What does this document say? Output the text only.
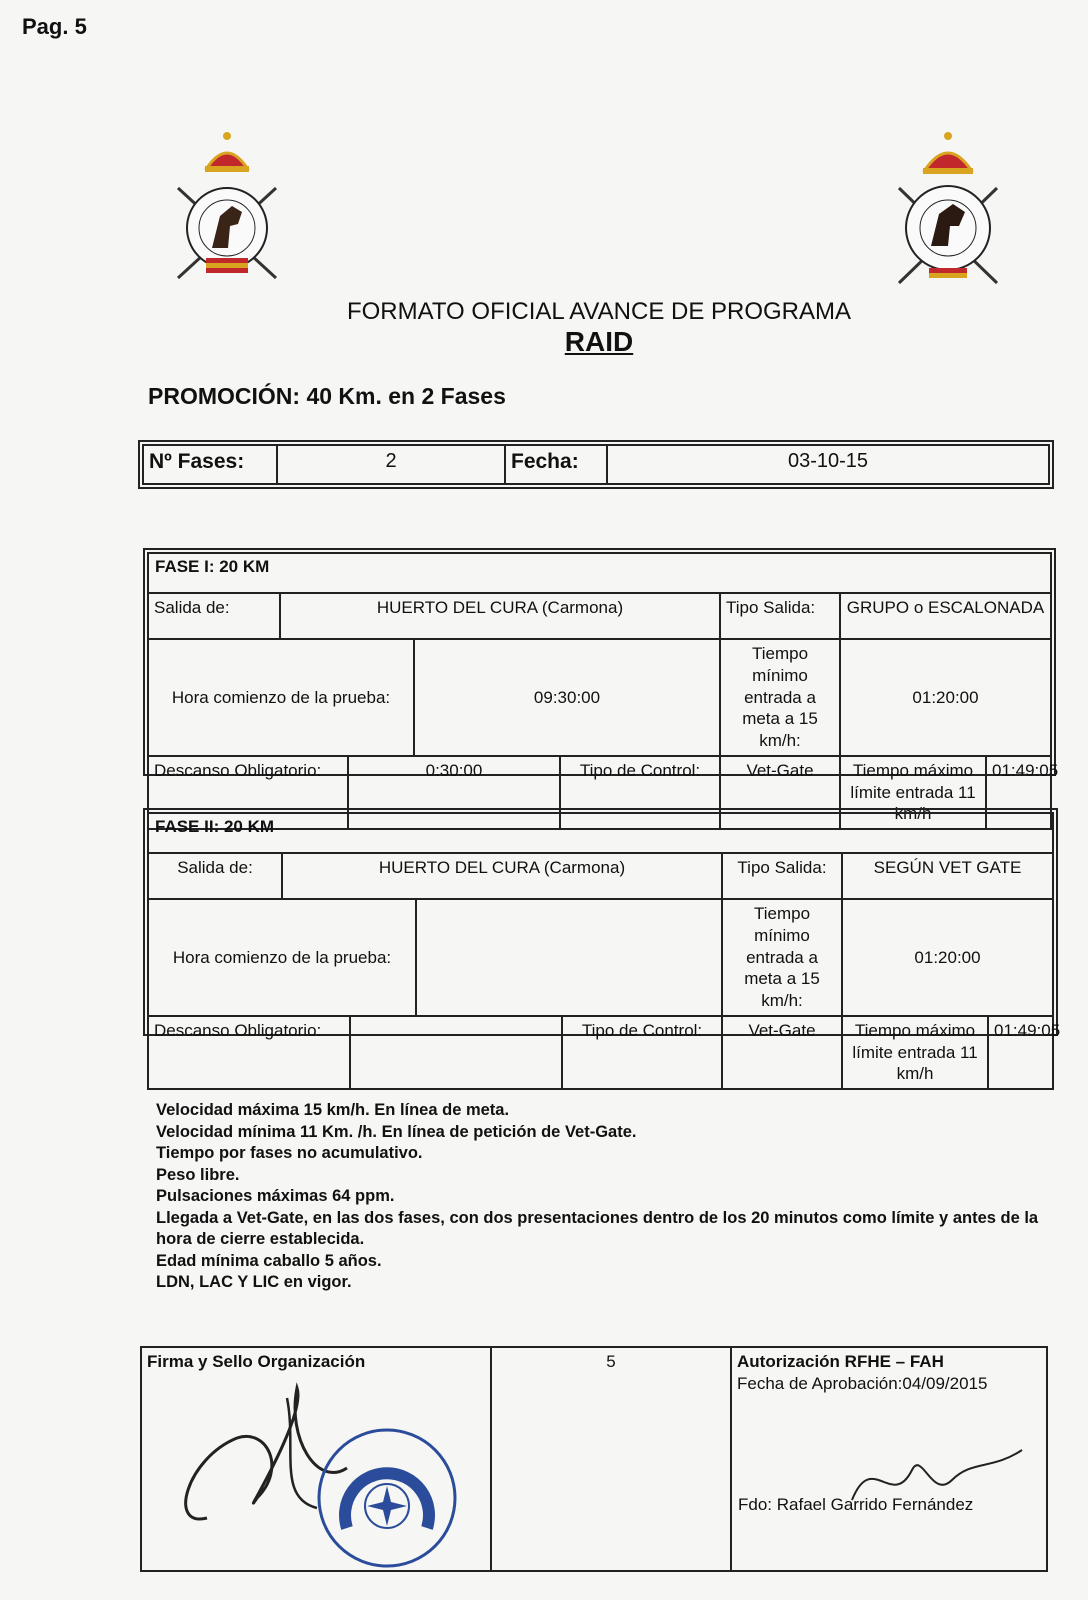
Pag. 5
FORMATO OFICIAL AVANCE DE PROGRAMA
RAID
PROMOCIÓN: 40 Km. en 2 Fases
Nº Fases:	2	Fecha:	03-10-15
FASE I: 20 KM							
Salida de:	HUERTO DEL CURA (Carmona)				Tipo Salida:	GRUPO o ESCALONADA	
Hora comienzo de la prueba:			09:30:00		Tiempo mínimo entrada a meta a 15 km/h:	01:20:00	
Descanso Obligatorio:		0:30:00		Tipo de Control:	Vet-Gate	Tiempo máximo límite entrada 11 km/h	01:49:05
FASE II: 20 KM							
Salida de:	HUERTO DEL CURA (Carmona)				Tipo Salida:	SEGÚN VET GATE	
Hora comienzo de la prueba:					Tiempo mínimo entrada a meta a 15 km/h:	01:20:00	
Descanso Obligatorio:				Tipo de Control:	Vet-Gate	Tiempo máximo límite entrada 11 km/h	01:49:05
Velocidad máxima 15 km/h. En línea de meta.
Velocidad mínima 11 Km. /h. En línea de petición de Vet-Gate.
Tiempo por fases no acumulativo.
Peso libre.
Pulsaciones máximas 64 ppm.
Llegada a Vet-Gate, en las dos fases, con dos presentaciones dentro de los 20 minutos como límite y antes de la hora de cierre establecida.
Edad mínima caballo 5 años.
LDN, LAC Y LIC en vigor.
Firma y Sello Organización	5	Autorización RFHE – FAH
Fecha de Aprobación:04/09/2015
Fdo: Rafael Garrido Fernández
